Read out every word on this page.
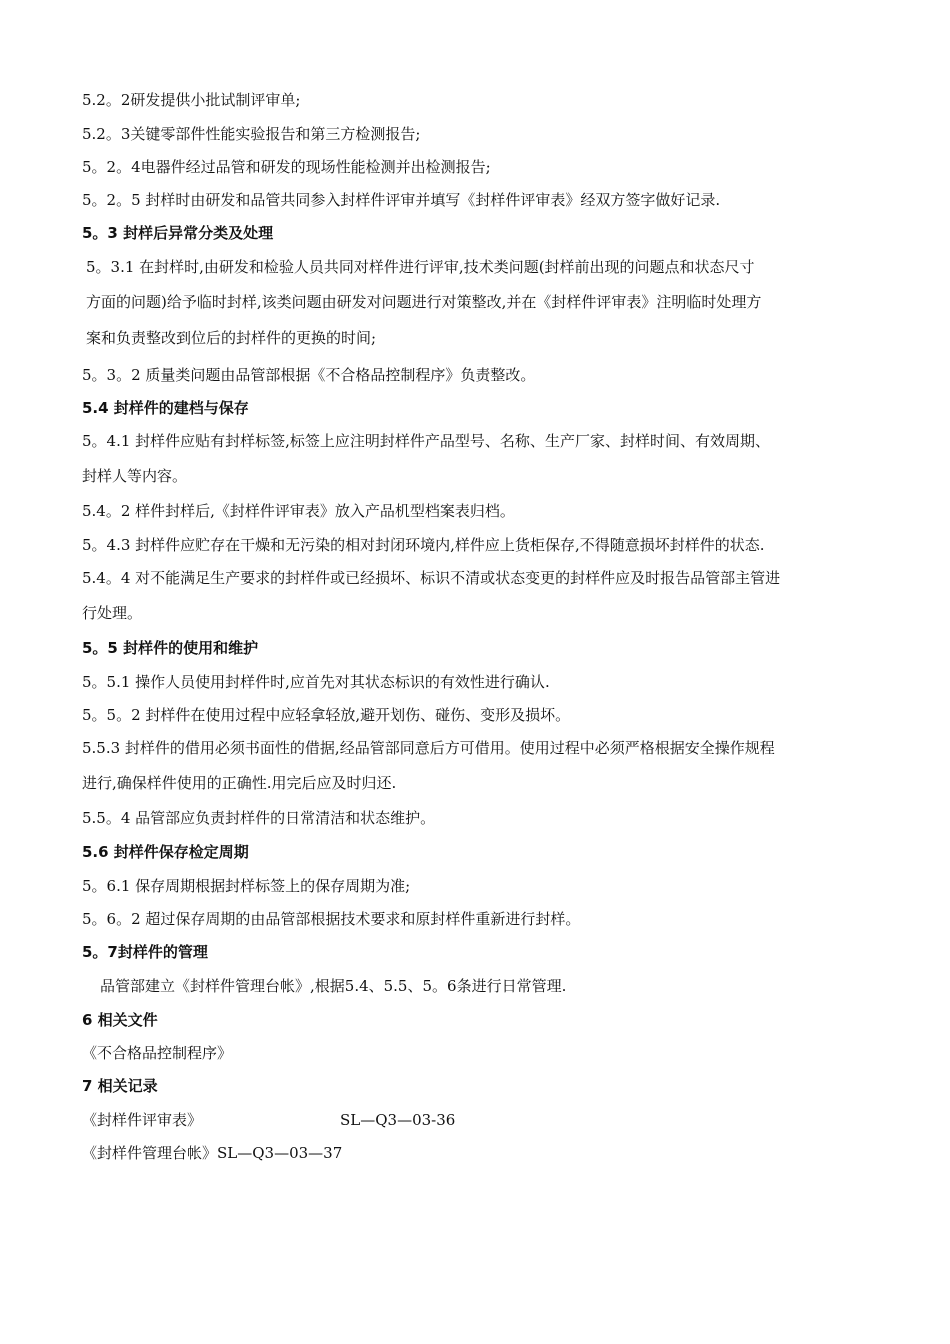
5.2。2研发提供小批试制评审单;
5.2。3关键零部件性能实验报告和第三方检测报告;
5。2。4电器件经过品管和研发的现场性能检测并出检测报告;
5。2。5 封样时由研发和品管共同参入封样件评审并填写《封样件评审表》经双方签字做好记录.
5。3 封样后异常分类及处理
5。3.1 在封样时,由研发和检验人员共同对样件进行评审,技术类问题(封样前出现的问题点和状态尺寸
方面的问题)给予临时封样,该类问题由研发对问题进行对策整改,并在《封样件评审表》注明临时处理方
案和负责整改到位后的封样件的更换的时间;
5。3。2 质量类问题由品管部根据《不合格品控制程序》负责整改。
5.4 封样件的建档与保存
5。4.1 封样件应贴有封样标签,标签上应注明封样件产品型号、名称、生产厂家、封样时间、有效周期、
封样人等内容。
5.4。2 样件封样后,《封样件评审表》放入产品机型档案表归档。
5。4.3 封样件应贮存在干燥和无污染的相对封闭环境内,样件应上货柜保存,不得随意损坏封样件的状态.
5.4。4 对不能满足生产要求的封样件或已经损坏、标识不清或状态变更的封样件应及时报告品管部主管进
行处理。
5。5 封样件的使用和维护
5。5.1 操作人员使用封样件时,应首先对其状态标识的有效性进行确认.
5。5。2 封样件在使用过程中应轻拿轻放,避开划伤、碰伤、变形及损坏。
5.5.3 封样件的借用必须书面性的借据,经品管部同意后方可借用。使用过程中必须严格根据安全操作规程
进行,确保样件使用的正确性.用完后应及时归还.
5.5。4 品管部应负责封样件的日常清洁和状态维护。
5.6 封样件保存检定周期
5。6.1 保存周期根据封样标签上的保存周期为准;
5。6。2 超过保存周期的由品管部根据技术要求和原封样件重新进行封样。
5。7封样件的管理
品管部建立《封样件管理台帐》,根据5.4、5.5、5。6条进行日常管理.
6 相关文件
《不合格品控制程序》
7 相关记录
《封样件评审表》	SL—Q3—03-36
《封样件管理台帐》SL—Q3—03—37
